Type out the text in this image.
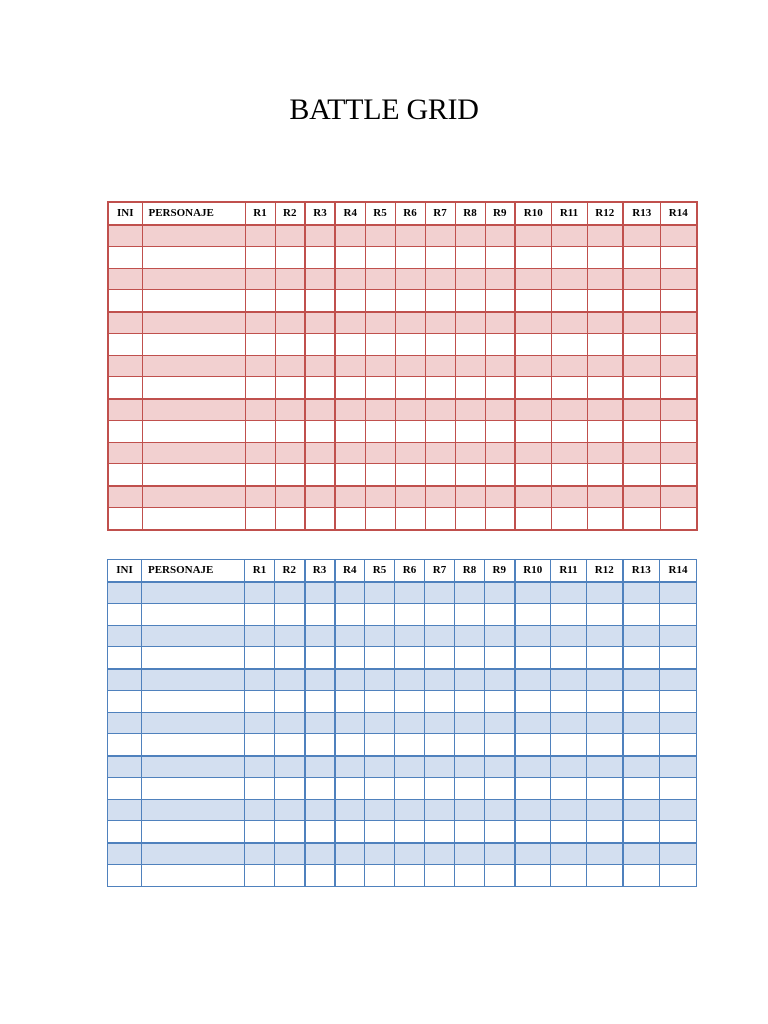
BATTLE GRID
INI	PERSONAJE	R1	R2	R3	R4	R5	R6	R7	R8	R9	R10	R11	R12	R13	R14

INI	PERSONAJE	R1	R2	R3	R4	R5	R6	R7	R8	R9	R10	R11	R12	R13	R14
